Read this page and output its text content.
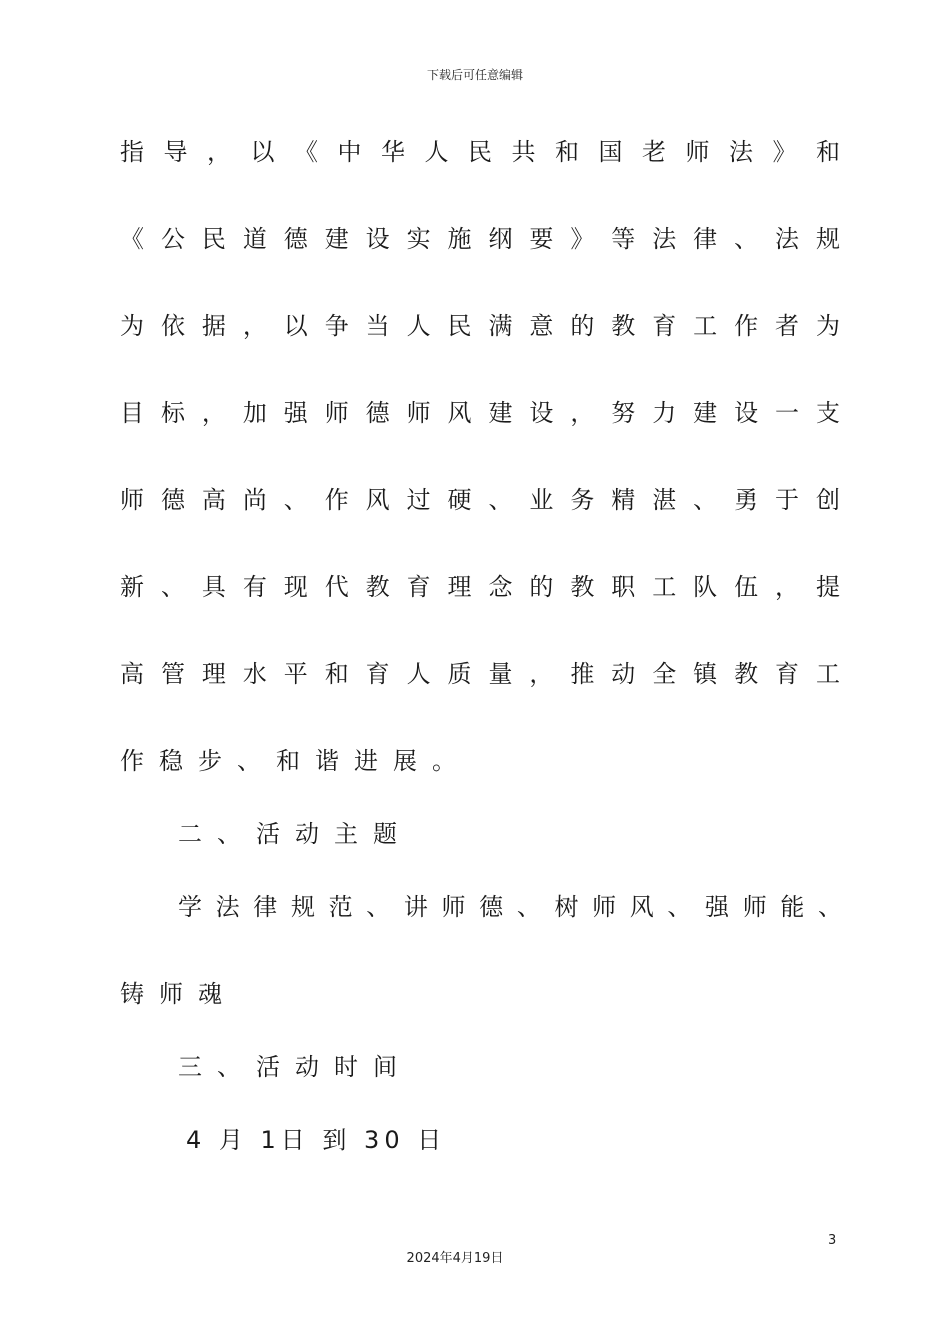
下载后可任意编辑
指导，以《中华人民共和国老师法》和
《公民道德建设实施纲要》等法律、法规
为依据，以争当人民满意的教育工作者为
目标，加强师德师风建设，努力建设一支
师德高尚、作风过硬、业务精湛、勇于创
新、具有现代教育理念的教职工队伍，提
高管理水平和育人质量，推动全镇教育工
作稳步、和谐进展。
二、活动主题
学法律规范、讲师德、树师风、强师能、
铸师魂
三、活动时间
4 月 1日 到 30 日
3
2024年4月19日
